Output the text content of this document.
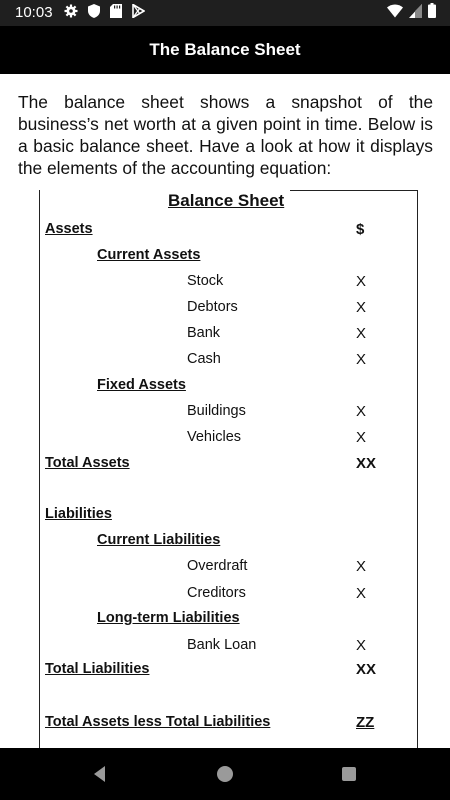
10:03
The Balance Sheet
The balance sheet shows a snapshot of the business’s net worth at a given point in time. Below is a basic balance sheet. Have a look at how it displays the elements of the accounting equation:
Balance Sheet
Assets	$
Current Assets
Stock	X
Debtors	X
Bank	X
Cash	X
Fixed Assets
Buildings	X
Vehicles	X
Total Assets	XX
Liabilities
Current Liabilities
Overdraft	X
Creditors	X
Long-term Liabilities
Bank Loan	X
Total Liabilities	XX
Total Assets less Total Liabilities	ZZ
